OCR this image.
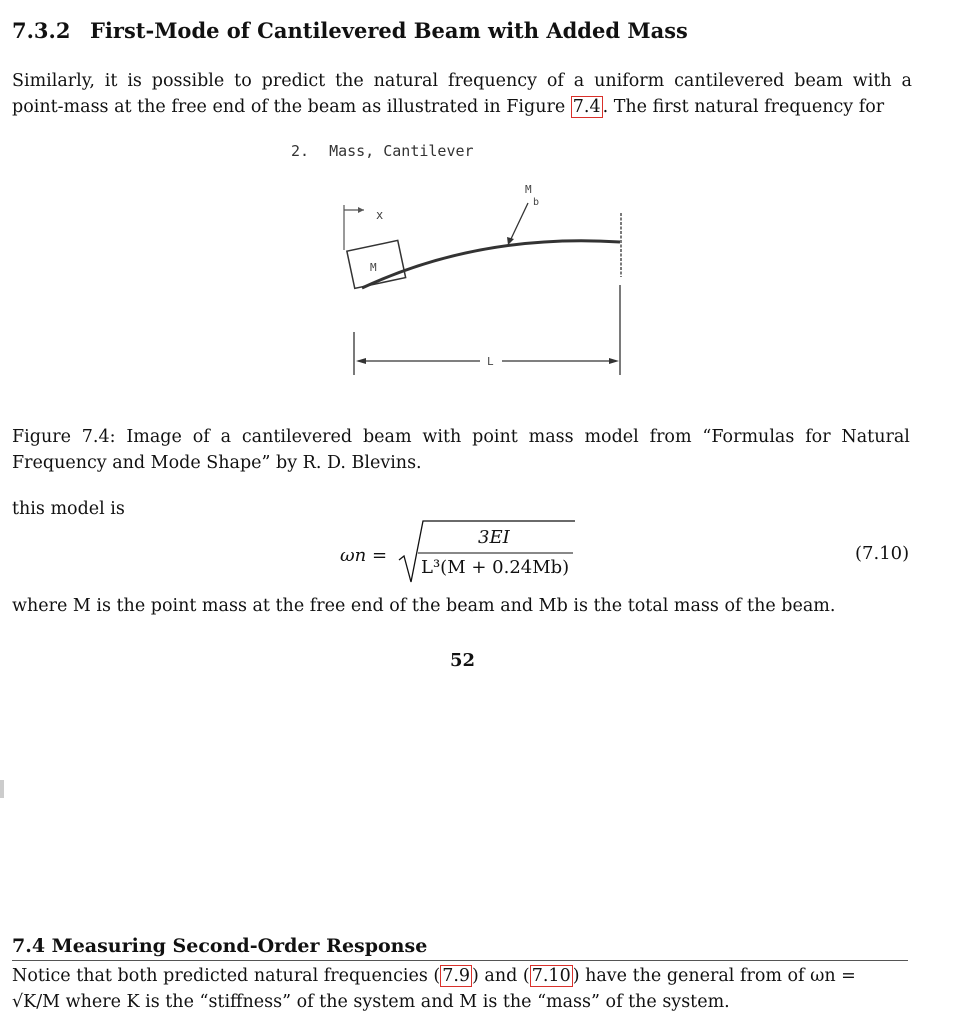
7.3.2 First-Mode of Cantilevered Beam with Added Mass
Similarly, it is possible to predict the natural frequency of a uniform cantilevered beam with a
point-mass at the free end of the beam as illustrated in Figure 7.4 . The first natural frequency for
2. Mass, Cantilever
x
M
M
b
L
Figure 7.4: Image of a cantilevered beam with point mass model from “Formulas for Natural
Frequency and Mode Shape” by R. D. Blevins.
this model is
ωn =
3EI
L³(M + 0.24Mb)
(7.10)
where M is the point mass at the free end of the beam and Mb is the total mass of the beam.
52
7.4 Measuring Second-Order Response
Notice that both predicted natural frequencies ( 7.9 ) and ( 7.10 ) have the general from of ωn =
√K/M where K is the “stiffness” of the system and M is the “mass” of the system.
